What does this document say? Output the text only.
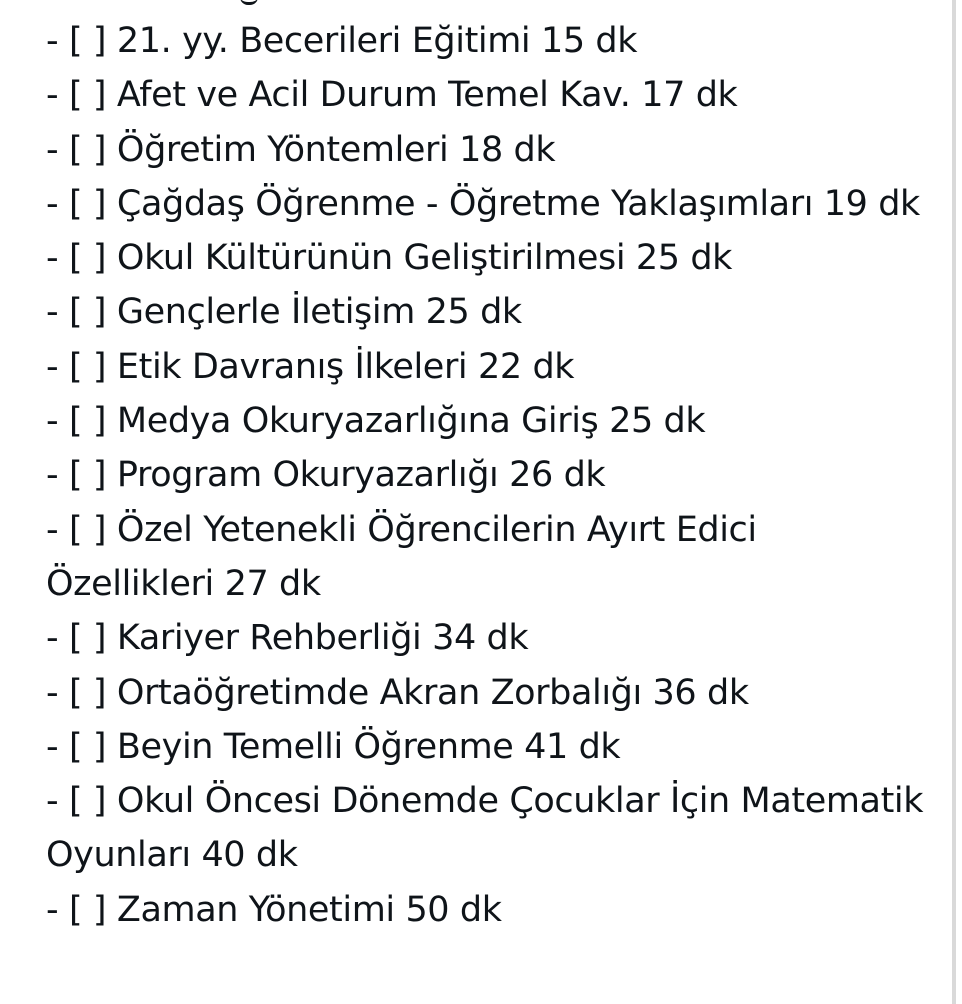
- [ ] 21. yy. Becerileri Eğitimi 15 dk
- [ ] Afet ve Acil Durum Temel Kav. 17 dk
- [ ] Öğretim Yöntemleri 18 dk
- [ ] Çağdaş Öğrenme - Öğretme Yaklaşımları 19 dk
- [ ] Okul Kültürünün Geliştirilmesi 25 dk
- [ ] Gençlerle İletişim 25 dk
- [ ] Etik Davranış İlkeleri 22 dk
- [ ] Medya Okuryazarlığına Giriş 25 dk
- [ ] Program Okuryazarlığı 26 dk
- [ ] Özel Yetenekli Öğrencilerin Ayırt Edici Özellikleri 27 dk
- [ ] Kariyer Rehberliği 34 dk
- [ ] Ortaöğretimde Akran Zorbalığı 36 dk
- [ ] Beyin Temelli Öğrenme 41 dk
- [ ] Okul Öncesi Dönemde Çocuklar İçin Matematik Oyunları 40 dk
- [ ] Zaman Yönetimi 50 dk
